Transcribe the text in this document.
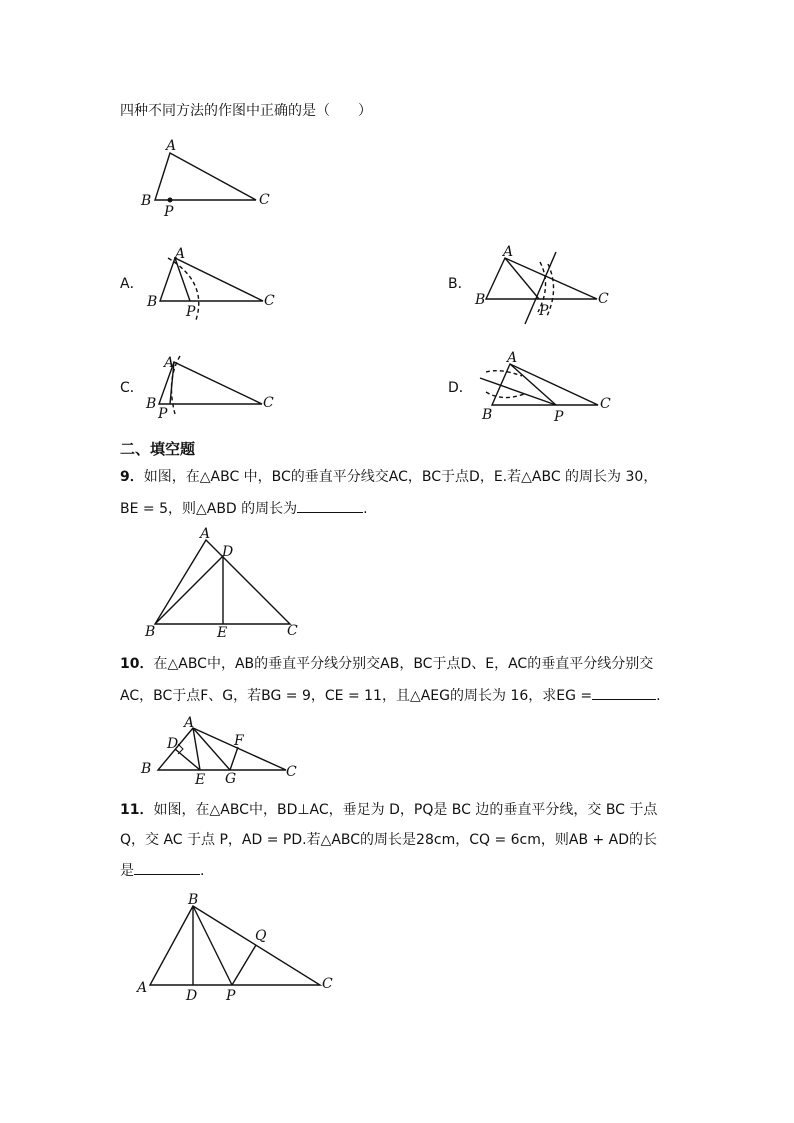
四种不同方法的作图中正确的是（　　）
A．	B．
C．	D．
二、填空题
9．如图，在△ABC 中，BC的垂直平分线交AC，BC于点D，E.若△ABC 的周长为 30，
BE = 5，则△ABD 的周长为	.
10．在△ABC中，AB的垂直平分线分别交AB，BC于点D、E，AC的垂直平分线分别交
AC，BC于点F、G，若BG = 9，CE = 11，且△AEG的周长为 16，求EG =	.
11．如图，在△ABC中，BD⊥AC，垂足为 D，PQ是 BC 边的垂直平分线，交 BC 于点
Q，交 AC 于点 P，AD = PD.若△ABC的周长是28cm，CQ = 6cm，则AB + AD的长
是	.
A
B	C
P
A
B	C
P
A
B	C
P
A
B	C
P
A
B
C
P
A
D
B	E	C
A
D	F
B
E G	C
B
Q
A	D P
C
